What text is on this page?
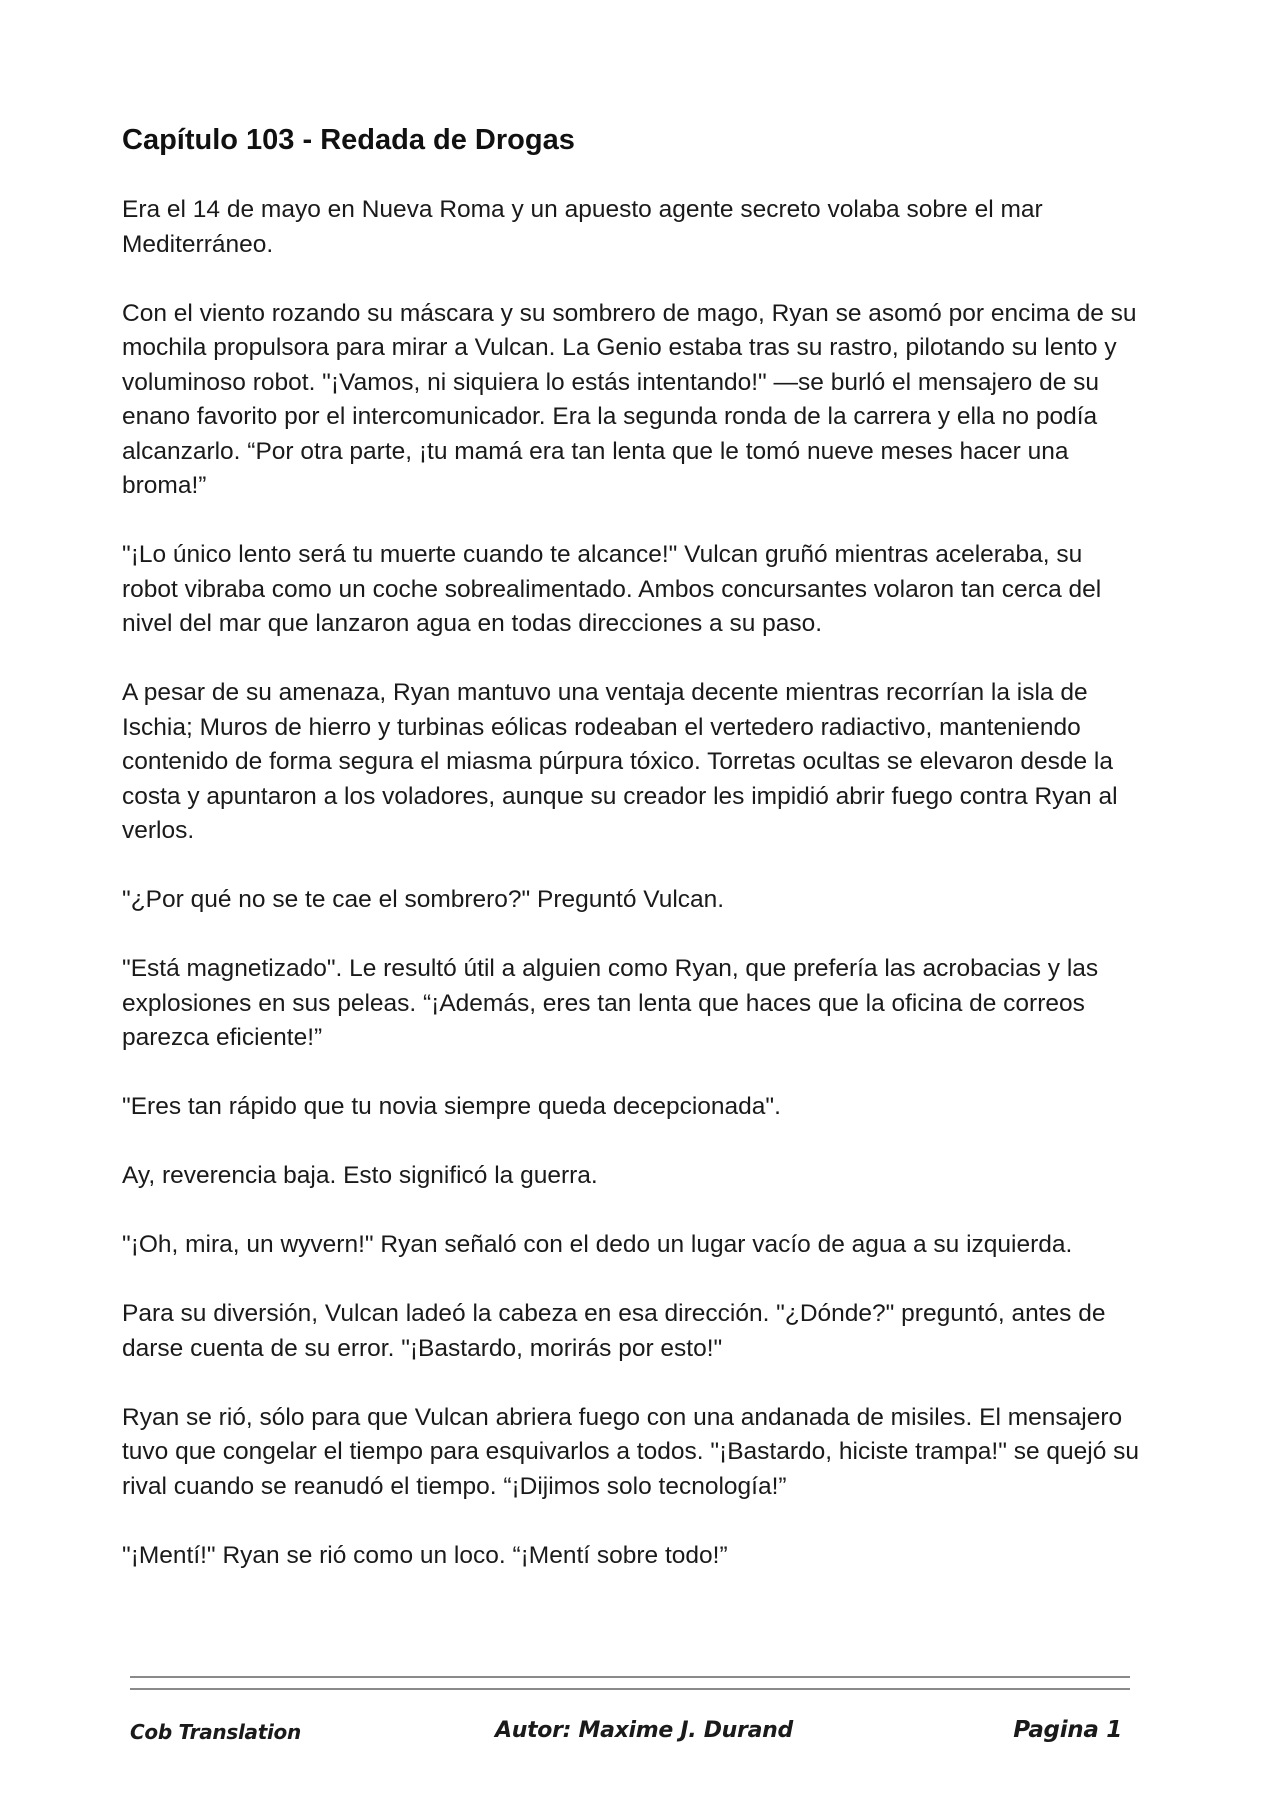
Capítulo 103 - Redada de Drogas

Era el 14 de mayo en Nueva Roma y un apuesto agente secreto volaba sobre el mar Mediterráneo.

Con el viento rozando su máscara y su sombrero de mago, Ryan se asomó por encima de su mochila propulsora para mirar a Vulcan. La Genio estaba tras su rastro, pilotando su lento y voluminoso robot. "¡Vamos, ni siquiera lo estás intentando!" —se burló el mensajero de su enano favorito por el intercomunicador. Era la segunda ronda de la carrera y ella no podía alcanzarlo. “Por otra parte, ¡tu mamá era tan lenta que le tomó nueve meses hacer una broma!”

"¡Lo único lento será tu muerte cuando te alcance!" Vulcan gruñó mientras aceleraba, su robot vibraba como un coche sobrealimentado. Ambos concursantes volaron tan cerca del nivel del mar que lanzaron agua en todas direcciones a su paso.

A pesar de su amenaza, Ryan mantuvo una ventaja decente mientras recorrían la isla de Ischia; Muros de hierro y turbinas eólicas rodeaban el vertedero radiactivo, manteniendo contenido de forma segura el miasma púrpura tóxico. Torretas ocultas se elevaron desde la costa y apuntaron a los voladores, aunque su creador les impidió abrir fuego contra Ryan al verlos.

"¿Por qué no se te cae el sombrero?" Preguntó Vulcan.

"Está magnetizado". Le resultó útil a alguien como Ryan, que prefería las acrobacias y las explosiones en sus peleas. “¡Además, eres tan lenta que haces que la oficina de correos parezca eficiente!”

"Eres tan rápido que tu novia siempre queda decepcionada".

Ay, reverencia baja. Esto significó la guerra.

"¡Oh, mira, un wyvern!" Ryan señaló con el dedo un lugar vacío de agua a su izquierda.

Para su diversión, Vulcan ladeó la cabeza en esa dirección. "¿Dónde?" preguntó, antes de darse cuenta de su error. "¡Bastardo, morirás por esto!"

Ryan se rió, sólo para que Vulcan abriera fuego con una andanada de misiles. El mensajero tuvo que congelar el tiempo para esquivarlos a todos. "¡Bastardo, hiciste trampa!" se quejó su rival cuando se reanudó el tiempo. “¡Dijimos solo tecnología!”

"¡Mentí!" Ryan se rió como un loco. “¡Mentí sobre todo!”

Cob Translation	Autor: Maxime J. Durand	Pagina 1
